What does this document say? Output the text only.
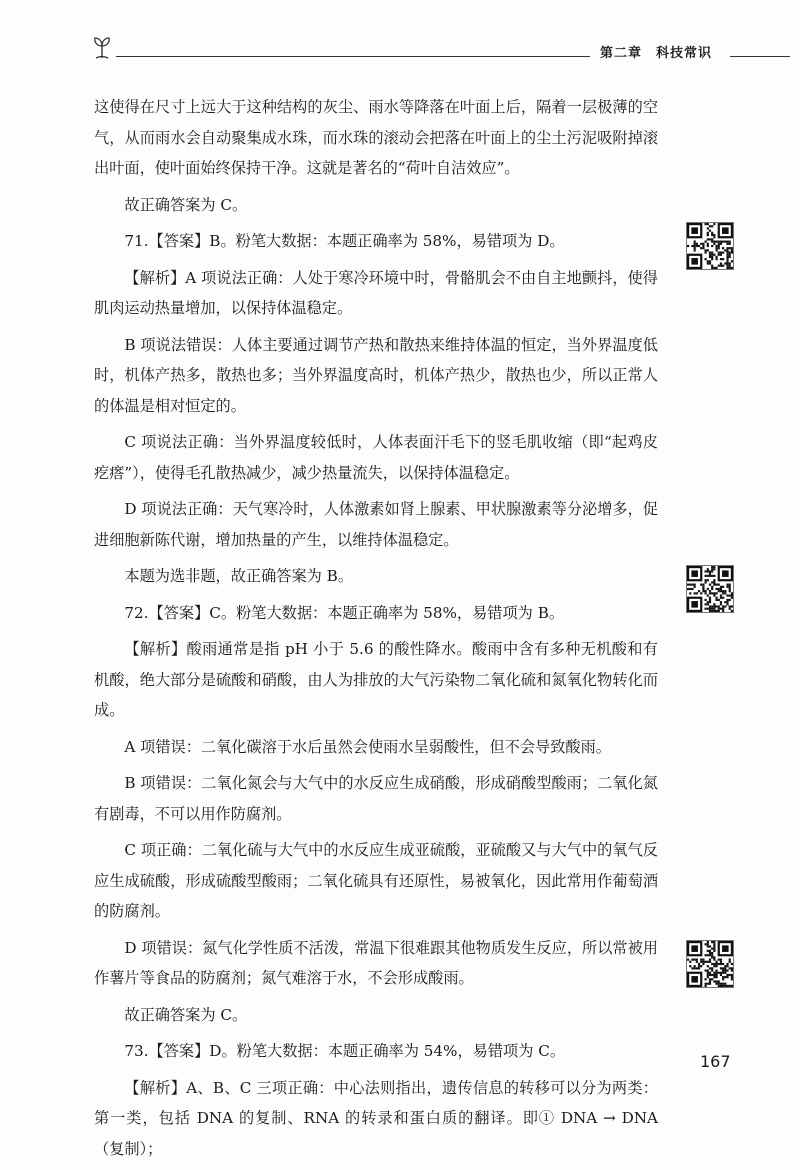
第二章 科技常识

这使得在尺寸上远大于这种结构的灰尘、雨水等降落在叶面上后，隔着一层极薄的空气，从而雨水会自动聚集成水珠，而水珠的滚动会把落在叶面上的尘土污泥吸附掉滚出叶面，使叶面始终保持干净。这就是著名的“荷叶自洁效应”。

故正确答案为 C。

71.【答案】B。粉笔大数据：本题正确率为 58%，易错项为 D。

【解析】A 项说法正确：人处于寒冷环境中时，骨骼肌会不由自主地颤抖，使得肌肉运动热量增加，以保持体温稳定。

B 项说法错误：人体主要通过调节产热和散热来维持体温的恒定，当外界温度低时，机体产热多，散热也多；当外界温度高时，机体产热少，散热也少，所以正常人的体温是相对恒定的。

C 项说法正确：当外界温度较低时，人体表面汗毛下的竖毛肌收缩（即“起鸡皮疙瘩”），使得毛孔散热减少，减少热量流失，以保持体温稳定。

D 项说法正确：天气寒冷时，人体激素如肾上腺素、甲状腺激素等分泌增多，促进细胞新陈代谢，增加热量的产生，以维持体温稳定。

本题为选非题，故正确答案为 B。

72.【答案】C。粉笔大数据：本题正确率为 58%，易错项为 B。

【解析】酸雨通常是指 pH 小于 5.6 的酸性降水。酸雨中含有多种无机酸和有机酸，绝大部分是硫酸和硝酸，由人为排放的大气污染物二氧化硫和氮氧化物转化而成。

A 项错误：二氧化碳溶于水后虽然会使雨水呈弱酸性，但不会导致酸雨。

B 项错误：二氧化氮会与大气中的水反应生成硝酸，形成硝酸型酸雨；二氧化氮有剧毒，不可以用作防腐剂。

C 项正确：二氧化硫与大气中的水反应生成亚硫酸，亚硫酸又与大气中的氧气反应生成硫酸，形成硫酸型酸雨；二氧化硫具有还原性，易被氧化，因此常用作葡萄酒的防腐剂。

D 项错误：氮气化学性质不活泼，常温下很难跟其他物质发生反应，所以常被用作薯片等食品的防腐剂；氮气难溶于水，不会形成酸雨。

故正确答案为 C。

73.【答案】D。粉笔大数据：本题正确率为 54%，易错项为 C。

【解析】A、B、C 三项正确：中心法则指出，遗传信息的转移可以分为两类：第一类，包括 DNA 的复制、RNA 的转录和蛋白质的翻译。即① DNA → DNA（复制）；

167
